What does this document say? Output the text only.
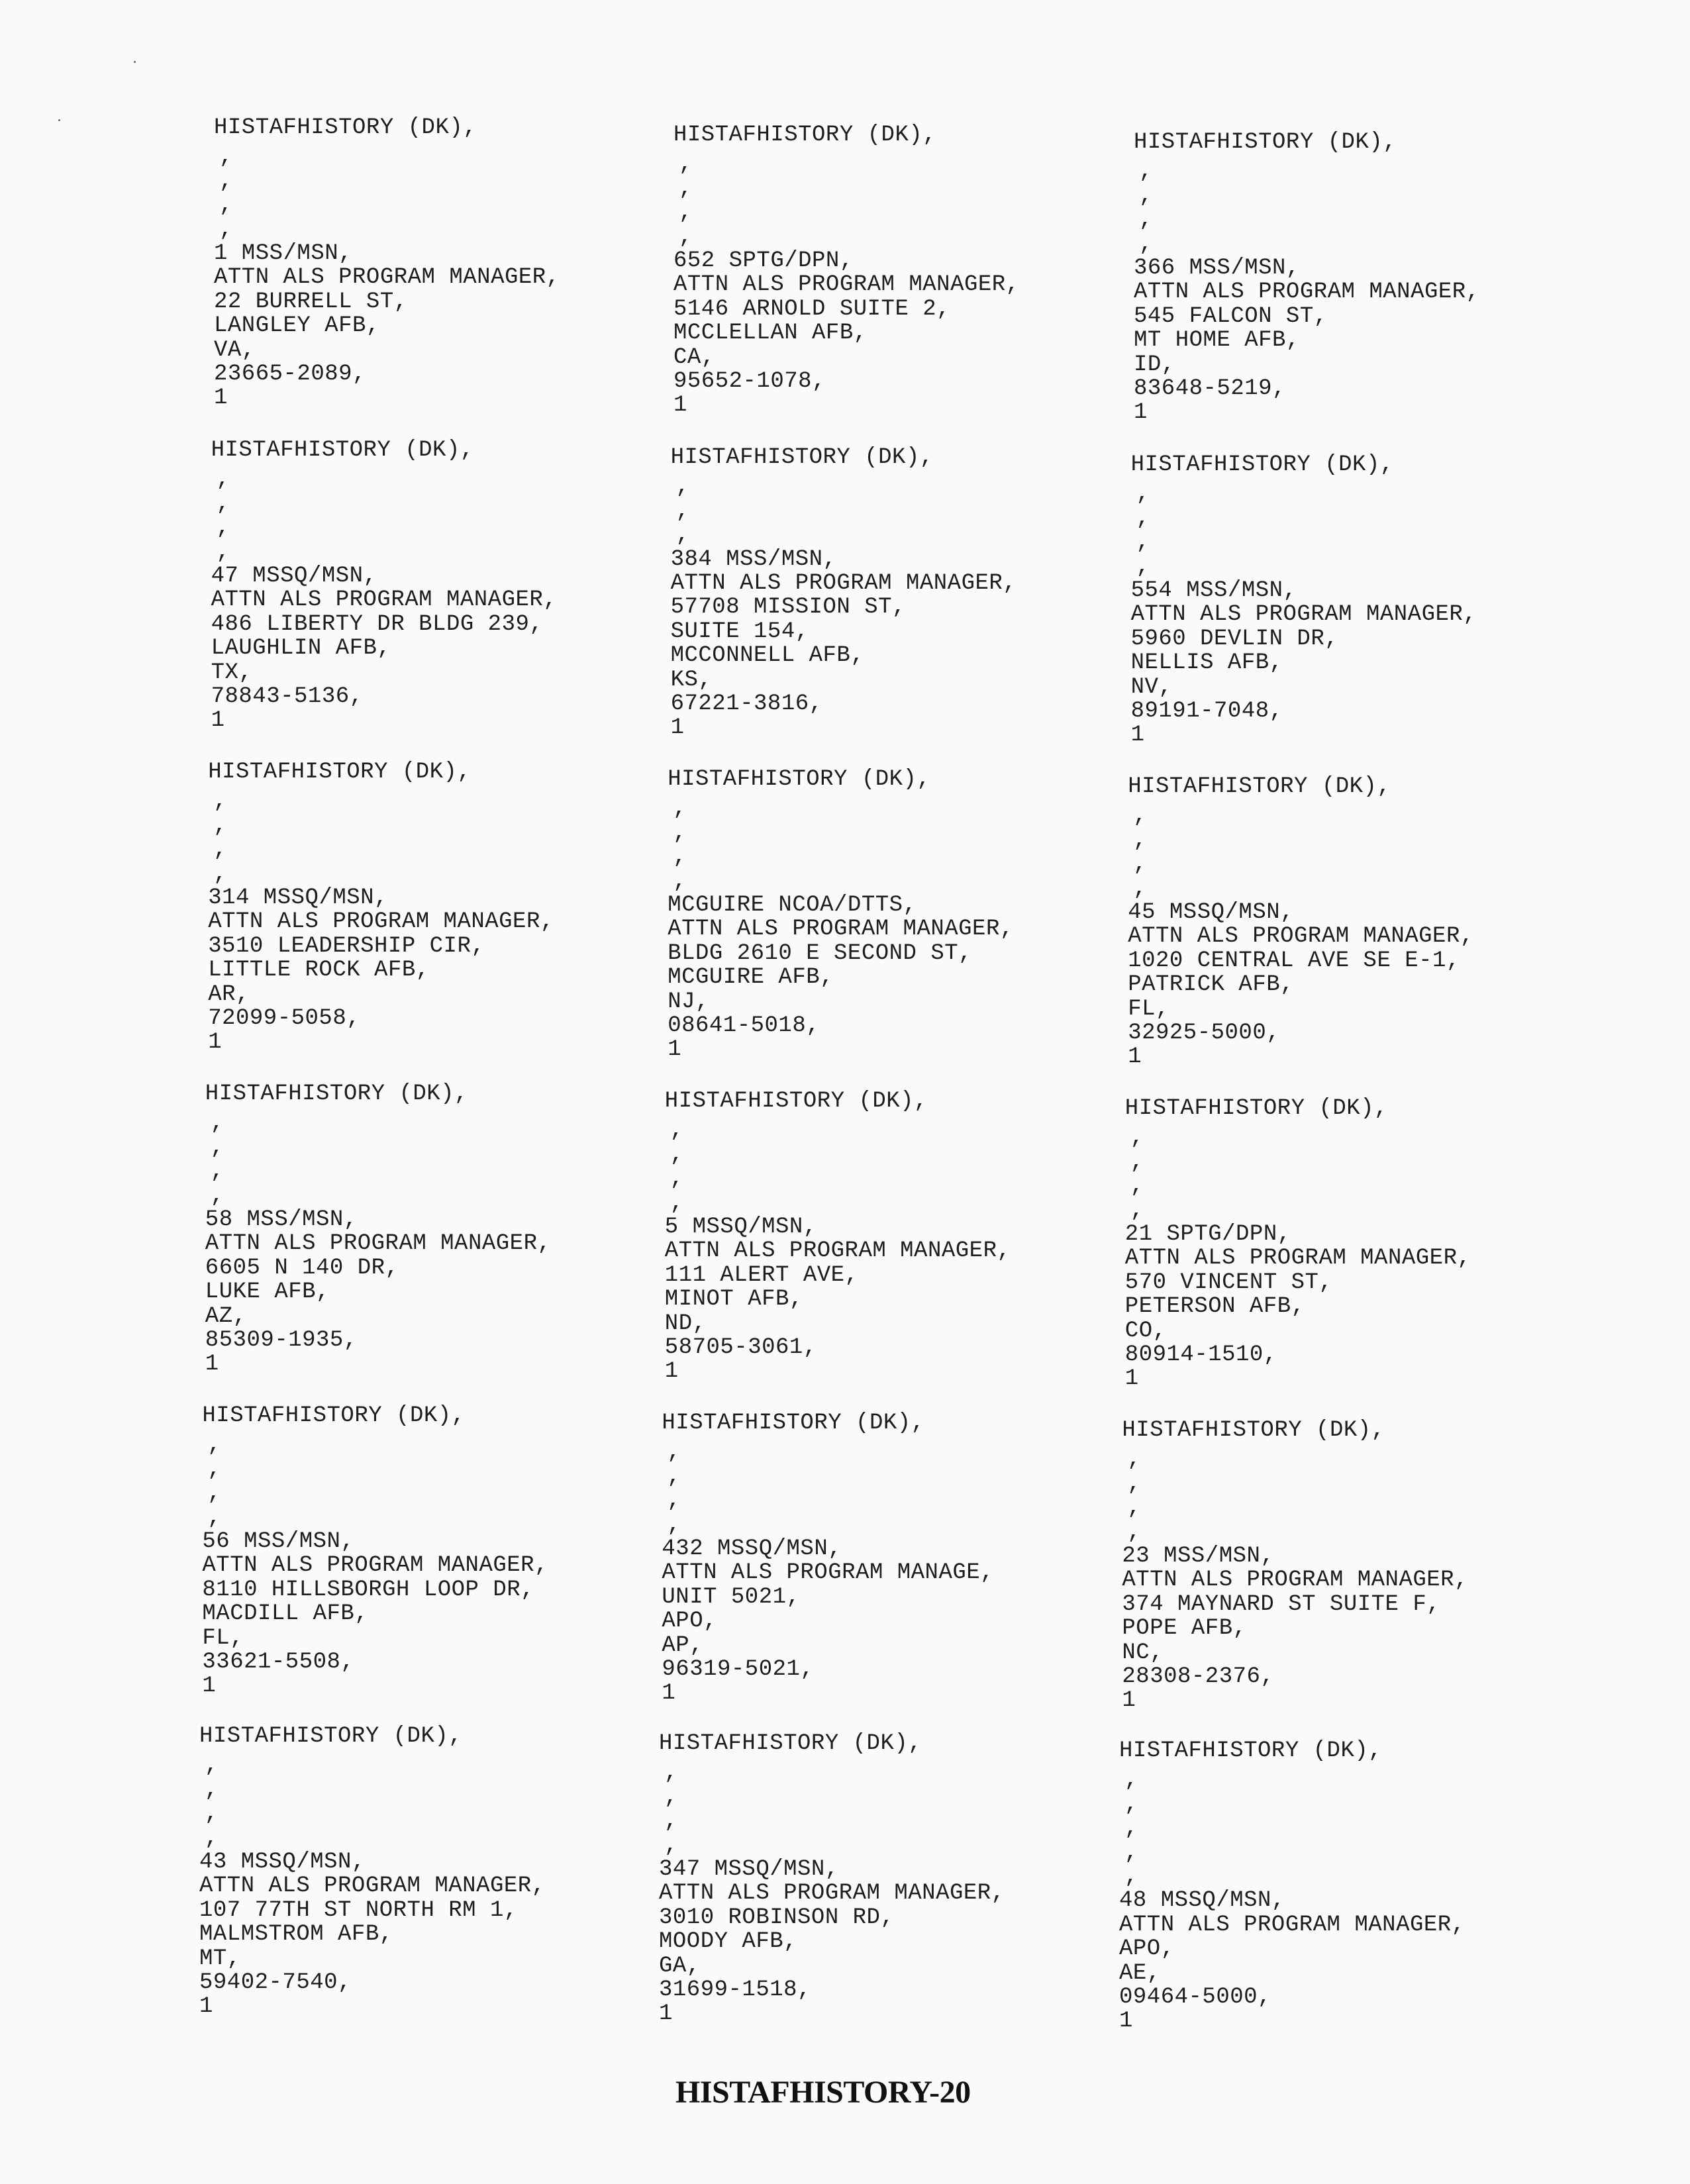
HISTAFHISTORY (DK),
,
,
,
,
1 MSS/MSN,
ATTN ALS PROGRAM MANAGER,
22 BURRELL ST,
LANGLEY AFB,
VA,
23665-2089,
1
HISTAFHISTORY (DK),
,
,
,
,
652 SPTG/DPN,
ATTN ALS PROGRAM MANAGER,
5146 ARNOLD SUITE 2,
MCCLELLAN AFB,
CA,
95652-1078,
1
HISTAFHISTORY (DK),
,
,
,
,
366 MSS/MSN,
ATTN ALS PROGRAM MANAGER,
545 FALCON ST,
MT HOME AFB,
ID,
83648-5219,
1
HISTAFHISTORY (DK),
,
,
,
,
47 MSSQ/MSN,
ATTN ALS PROGRAM MANAGER,
486 LIBERTY DR BLDG 239,
LAUGHLIN AFB,
TX,
78843-5136,
1
HISTAFHISTORY (DK),
,
,
,
384 MSS/MSN,
ATTN ALS PROGRAM MANAGER,
57708 MISSION ST,
SUITE 154,
MCCONNELL AFB,
KS,
67221-3816,
1
HISTAFHISTORY (DK),
,
,
,
,
554 MSS/MSN,
ATTN ALS PROGRAM MANAGER,
5960 DEVLIN DR,
NELLIS AFB,
NV,
89191-7048,
1
HISTAFHISTORY (DK),
,
,
,
,
314 MSSQ/MSN,
ATTN ALS PROGRAM MANAGER,
3510 LEADERSHIP CIR,
LITTLE ROCK AFB,
AR,
72099-5058,
1
HISTAFHISTORY (DK),
,
,
,
,
MCGUIRE NCOA/DTTS,
ATTN ALS PROGRAM MANAGER,
BLDG 2610 E SECOND ST,
MCGUIRE AFB,
NJ,
08641-5018,
1
HISTAFHISTORY (DK),
,
,
,
,
45 MSSQ/MSN,
ATTN ALS PROGRAM MANAGER,
1020 CENTRAL AVE SE E-1,
PATRICK AFB,
FL,
32925-5000,
1
HISTAFHISTORY (DK),
,
,
,
,
58 MSS/MSN,
ATTN ALS PROGRAM MANAGER,
6605 N 140 DR,
LUKE AFB,
AZ,
85309-1935,
1
HISTAFHISTORY (DK),
,
,
,
,
5 MSSQ/MSN,
ATTN ALS PROGRAM MANAGER,
111 ALERT AVE,
MINOT AFB,
ND,
58705-3061,
1
HISTAFHISTORY (DK),
,
,
,
,
21 SPTG/DPN,
ATTN ALS PROGRAM MANAGER,
570 VINCENT ST,
PETERSON AFB,
CO,
80914-1510,
1
HISTAFHISTORY (DK),
,
,
,
,
56 MSS/MSN,
ATTN ALS PROGRAM MANAGER,
8110 HILLSBORGH LOOP DR,
MACDILL AFB,
FL,
33621-5508,
1
HISTAFHISTORY (DK),
,
,
,
,
432 MSSQ/MSN,
ATTN ALS PROGRAM MANAGE,
UNIT 5021,
APO,
AP,
96319-5021,
1
HISTAFHISTORY (DK),
,
,
,
,
23 MSS/MSN,
ATTN ALS PROGRAM MANAGER,
374 MAYNARD ST SUITE F,
POPE AFB,
NC,
28308-2376,
1
HISTAFHISTORY (DK),
,
,
,
,
43 MSSQ/MSN,
ATTN ALS PROGRAM MANAGER,
107 77TH ST NORTH RM 1,
MALMSTROM AFB,
MT,
59402-7540,
1
HISTAFHISTORY (DK),
,
,
,
,
347 MSSQ/MSN,
ATTN ALS PROGRAM MANAGER,
3010 ROBINSON RD,
MOODY AFB,
GA,
31699-1518,
1
HISTAFHISTORY (DK),
,
,
,
,
,
48 MSSQ/MSN,
ATTN ALS PROGRAM MANAGER,
APO,
AE,
09464-5000,
1
HISTAFHISTORY-20
